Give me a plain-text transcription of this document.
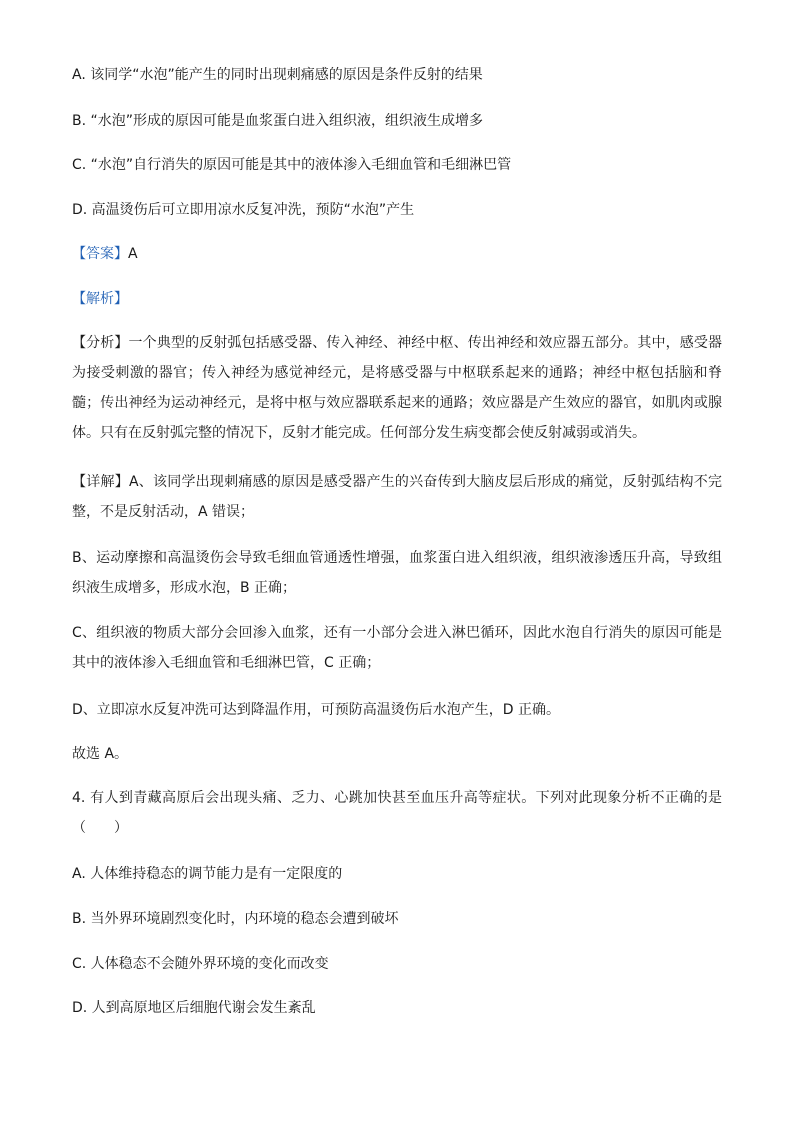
A. 该同学“水泡”能产生的同时出现刺痛感的原因是条件反射的结果
B. “水泡”形成的原因可能是血浆蛋白进入组织液，组织液生成增多
C. “水泡”自行消失的原因可能是其中的液体渗入毛细血管和毛细淋巴管
D. 高温烫伤后可立即用凉水反复冲洗，预防“水泡”产生
【答案】A
【解析】
【分析】一个典型的反射弧包括感受器、传入神经、神经中枢、传出神经和效应器五部分。其中，感受器为接受刺激的器官；传入神经为感觉神经元，是将感受器与中枢联系起来的通路；神经中枢包括脑和脊髓；传出神经为运动神经元，是将中枢与效应器联系起来的通路；效应器是产生效应的器官，如肌肉或腺体。只有在反射弧完整的情况下，反射才能完成。任何部分发生病变都会使反射减弱或消失。
【详解】A、该同学出现刺痛感的原因是感受器产生的兴奋传到大脑皮层后形成的痛觉，反射弧结构不完整，不是反射活动，A 错误；
B、运动摩擦和高温烫伤会导致毛细血管通透性增强，血浆蛋白进入组织液，组织液渗透压升高，导致组织液生成增多，形成水泡，B 正确；
C、组织液的物质大部分会回渗入血浆，还有一小部分会进入淋巴循环，因此水泡自行消失的原因可能是其中的液体渗入毛细血管和毛细淋巴管，C 正确；
D、立即凉水反复冲洗可达到降温作用，可预防高温烫伤后水泡产生，D 正确。
故选 A。
4. 有人到青藏高原后会出现头痛、乏力、心跳加快甚至血压升高等症状。下列对此现象分析不正确的是（　　）
A. 人体维持稳态的调节能力是有一定限度的
B. 当外界环境剧烈变化时，内环境的稳态会遭到破坏
C. 人体稳态不会随外界环境的变化而改变
D. 人到高原地区后细胞代谢会发生紊乱
